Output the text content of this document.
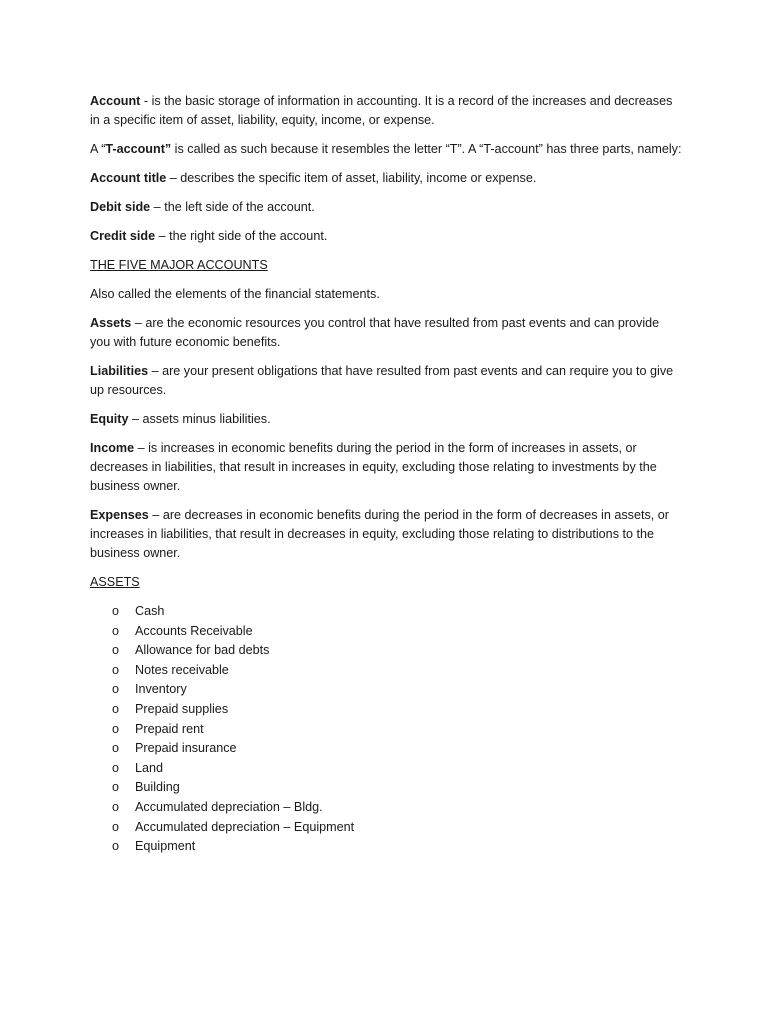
Account - is the basic storage of information in accounting. It is a record of the increases and decreases in a specific item of asset, liability, equity, income, or expense.

A “T-account” is called as such because it resembles the letter “T”. A “T-account” has three parts, namely:

Account title – describes the specific item of asset, liability, income or expense.

Debit side – the left side of the account.

Credit side – the right side of the account.

THE FIVE MAJOR ACCOUNTS

Also called the elements of the financial statements.

Assets – are the economic resources you control that have resulted from past events and can provide you with future economic benefits.

Liabilities – are your present obligations that have resulted from past events and can require you to give up resources.

Equity – assets minus liabilities.

Income – is increases in economic benefits during the period in the form of increases in assets, or decreases in liabilities, that result in increases in equity, excluding those relating to investments by the business owner.

Expenses – are decreases in economic benefits during the period in the form of decreases in assets, or increases in liabilities, that result in decreases in equity, excluding those relating to distributions to the business owner.

ASSETS

o	Cash
o	Accounts Receivable
o	Allowance for bad debts
o	Notes receivable
o	Inventory
o	Prepaid supplies
o	Prepaid rent
o	Prepaid insurance
o	Land
o	Building
o	Accumulated depreciation – Bldg.
o	Accumulated depreciation – Equipment
o	Equipment
